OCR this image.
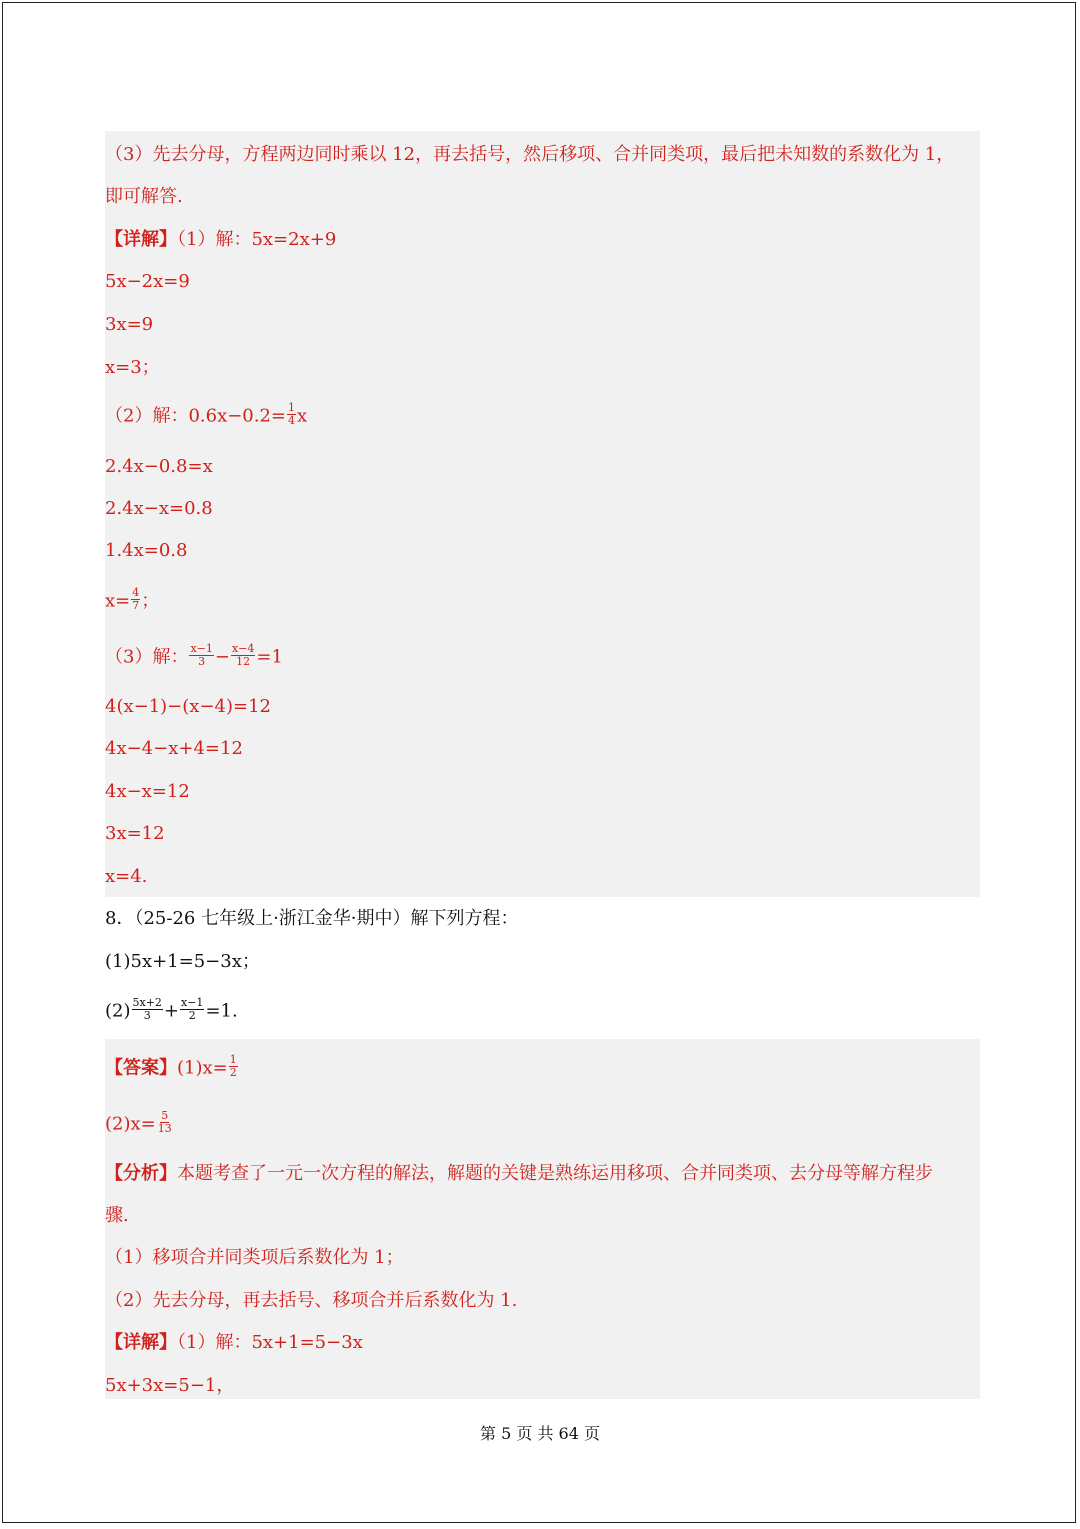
（3）先去分母，方程两边同时乘以 12，再去括号，然后移项、合并同类项，最后把未知数的系数化为 1，
即可解答.
【详解】（1）解：5x=2x+9
5x−2x=9
3x=9
x=3；
（2）解：$0.6x-0.2= \frac{1}{4}$ x
2.4x−0.8=x
2.4x−x=0.8
1.4x=0.8
$x= \frac{4}{7}$ ；
（3）解： $\frac{x-1}{3} - \frac{x-4}{12} =1$
4(x−1)−(x−4)=12
4x−4−x+4=12
4x−x=12
3x=12
x=4.
8．（25-26 七年级上·浙江金华·期中）解下列方程：
(1)5x+1=5−3x；
$(2) \frac{5x+2}{3} + \frac{x-1}{2} =1$.
【答案】$(1)x= \frac{1}{2}$
$(2)x= \frac{5}{13}$
【分析】本题考查了一元一次方程的解法，解题的关键是熟练运用移项、合并同类项、去分母等解方程步
骤.
（1）移项合并同类项后系数化为 1；
（2）先去分母，再去括号、移项合并后系数化为 1.
【详解】（1）解：5x+1=5−3x
5x+3x=5−1，
第 5 页 共 64 页
